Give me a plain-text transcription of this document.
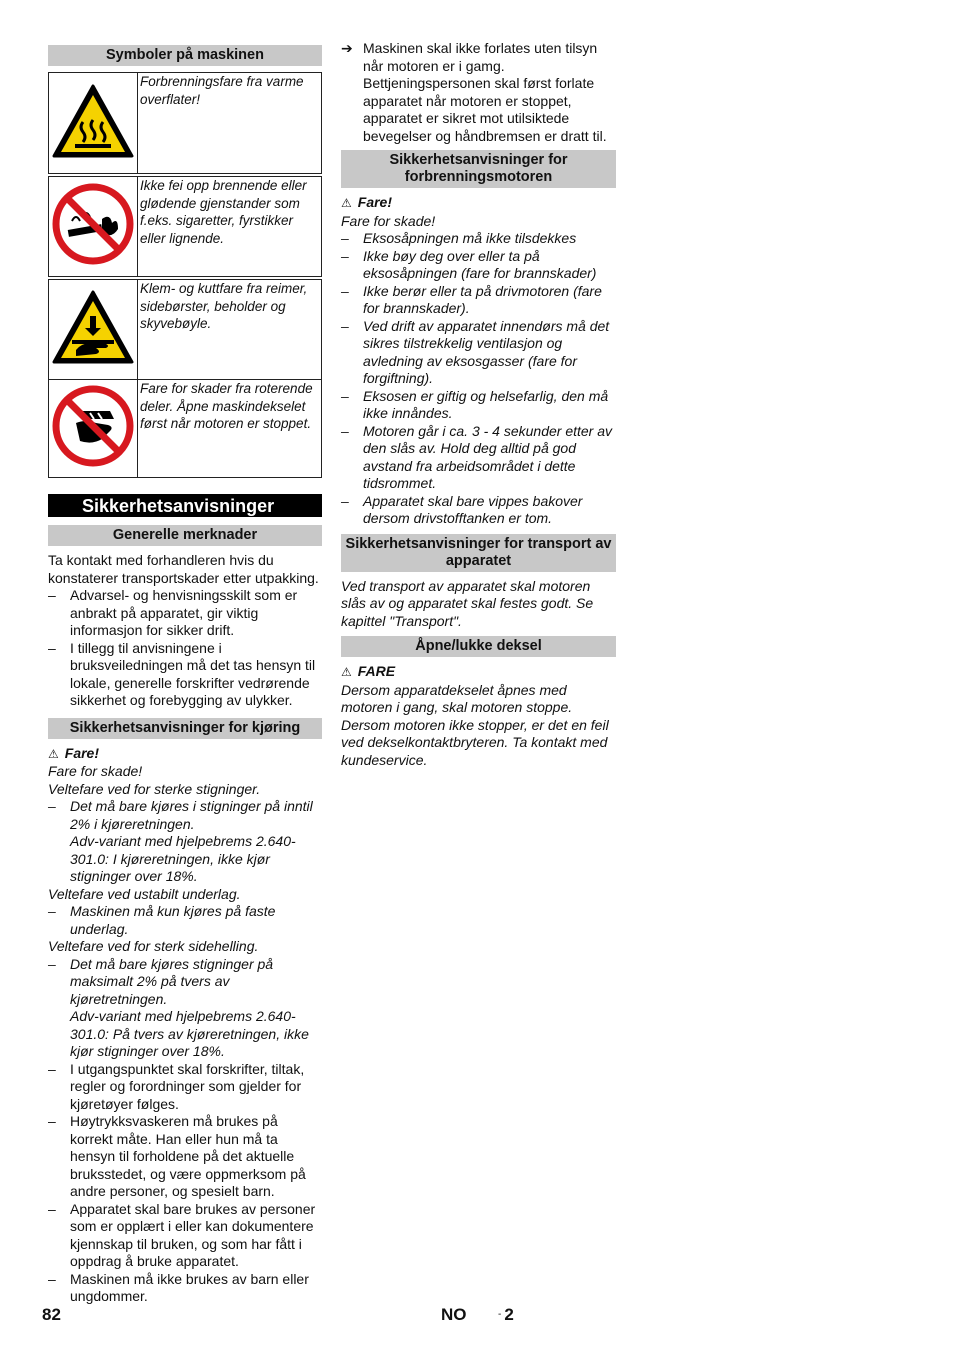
Symboler på maskinen
	Forbrenningsfare fra varme overflater!

	Ikke fei opp brennende eller glødende gjenstander som f.eks. sigaretter, fyrstikker eller lignende.

	Klem- og kuttfare fra reimer, sidebørster, beholder og skyvebøyle.
	Fare for skader fra roterende deler. Åpne maskindekselet først når motoren er stoppet.
Sikkerhetsanvisninger
Generelle merknader

Ta kontakt med forhandleren hvis du konstaterer transportskader etter utpakking.

– Advarsel- og henvisningsskilt som er anbrakt på apparatet, gir viktig informasjon for sikker drift.
– I tillegg til anvisningene i bruksveiledningen må det tas hensyn til lokale, generelle forskrifter vedrørende sikkerhet og forebygging av ulykker.
Sikkerhetsanvisninger for kjøring

⚠ Fare!

Fare for skade!

Veltefare ved for sterke stigninger.

– Det må bare kjøres i stigninger på inntil 2% i kjøreretningen.
Adv-variant med hjelpebrems 2.640-301.0: I kjøreretningen, ikke kjør stigninger over 18%.

Veltefare ved ustabilt underlag.

– Maskinen må kun kjøres på faste underlag.

Veltefare ved for sterk sidehelling.

– Det må bare kjøres stigninger på maksimalt 2% på tvers av kjøretretningen.
Adv-variant med hjelpebrems 2.640-301.0: På tvers av kjøreretningen, ikke kjør stigninger over 18%.
– I utgangspunktet skal forskrifter, tiltak, regler og forordninger som gjelder for kjøretøyer følges.
– Høytrykksvaskeren må brukes på korrekt måte. Han eller hun må ta hensyn til forholdene på det aktuelle bruksstedet, og være oppmerksom på andre personer, og spesielt barn.
– Apparatet skal bare brukes av personer som er opplært i eller kan dokumentere kjennskap til bruken, og som har fått i oppdrag å bruke apparatet.
– Maskinen må ikke brukes av barn eller ungdommer.
➔ Maskinen skal ikke forlates uten tilsyn når motoren er i gamg. Bettjeningspersonen skal først forlate apparatet når motoren er stoppet, apparatet er sikret mot utilsiktede bevegelser og håndbremsen er dratt til.
Sikkerhetsanvisninger for forbrenningsmotoren

⚠ Fare!

Fare for skade!

– Eksosåpningen må ikke tilsdekkes
– Ikke bøy deg over eller ta på eksosåpningen (fare for brannskader)
– Ikke berør eller ta på drivmotoren (fare for brannskader).
– Ved drift av apparatet innendørs må det sikres tilstrekkelig ventilasjon og avledning av eksosgasser (fare for forgiftning).
– Eksosen er giftig og helsefarlig, den må ikke innåndes.
– Motoren går i ca. 3 - 4 sekunder etter av den slås av. Hold deg alltid på god avstand fra arbeidsområdet i dette tidsrommet.
– Apparatet skal bare vippes bakover dersom drivstofftanken er tom.
Sikkerhetsanvisninger for transport av apparatet

Ved transport av apparatet skal motoren slås av og apparatet skal festes godt. Se kapittel "Transport".

Åpne/lukke deksel

⚠ FARE

Dersom apparatdekselet åpnes med motoren i gang, skal motoren stoppe. Dersom motoren ikke stopper, er det en feil ved dekselkontaktbryteren. Ta kontakt med kundeservice.

82	NO	- 2
